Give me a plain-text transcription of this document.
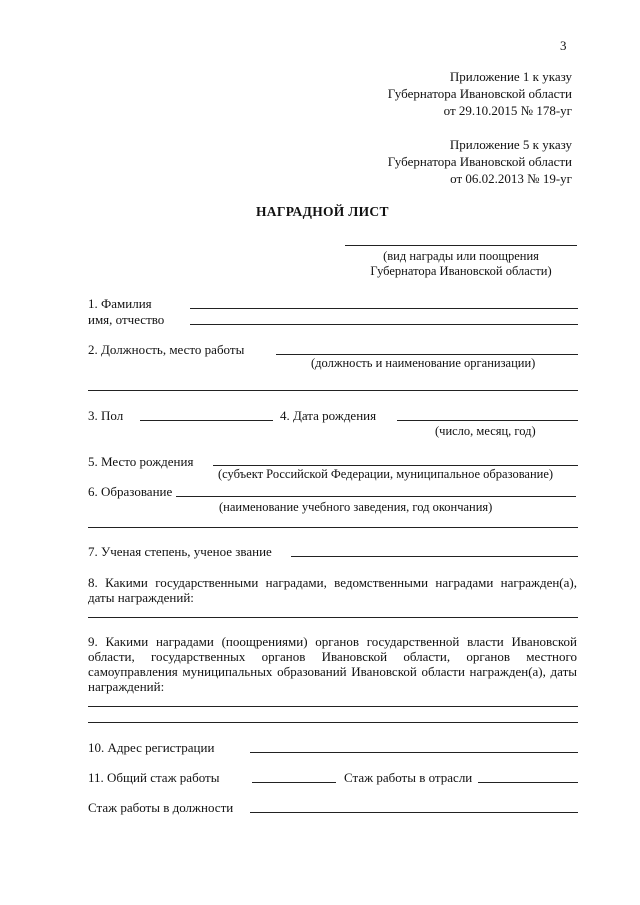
3
Приложение 1 к указу
Губернатора Ивановской области
от 29.10.2015 № 178-уг
Приложение 5 к указу
Губернатора Ивановской области
от 06.02.2013 № 19-уг
НАГРАДНОЙ ЛИСТ
(вид награды или поощрения
Губернатора Ивановской области)
1. Фамилия
имя, отчество
2. Должность, место работы
(должность и наименование организации)
3. Пол	4. Дата рождения
(число, месяц, год)
5. Место рождения
(субъект Российской Федерации, муниципальное образование)
6. Образование
(наименование учебного заведения, год окончания)
7. Ученая степень, ученое звание
8. Какими государственными наградами, ведомственными наградами награжден(а),
даты награждений:
9. Какими наградами (поощрениями) органов государственной власти Ивановской
области, государственных органов Ивановской области, органов местного
самоуправления муниципальных образований Ивановской области награжден(а), даты
награждений:
10. Адрес регистрации
11. Общий стаж работы	Стаж работы в отрасли
Стаж работы в должности
